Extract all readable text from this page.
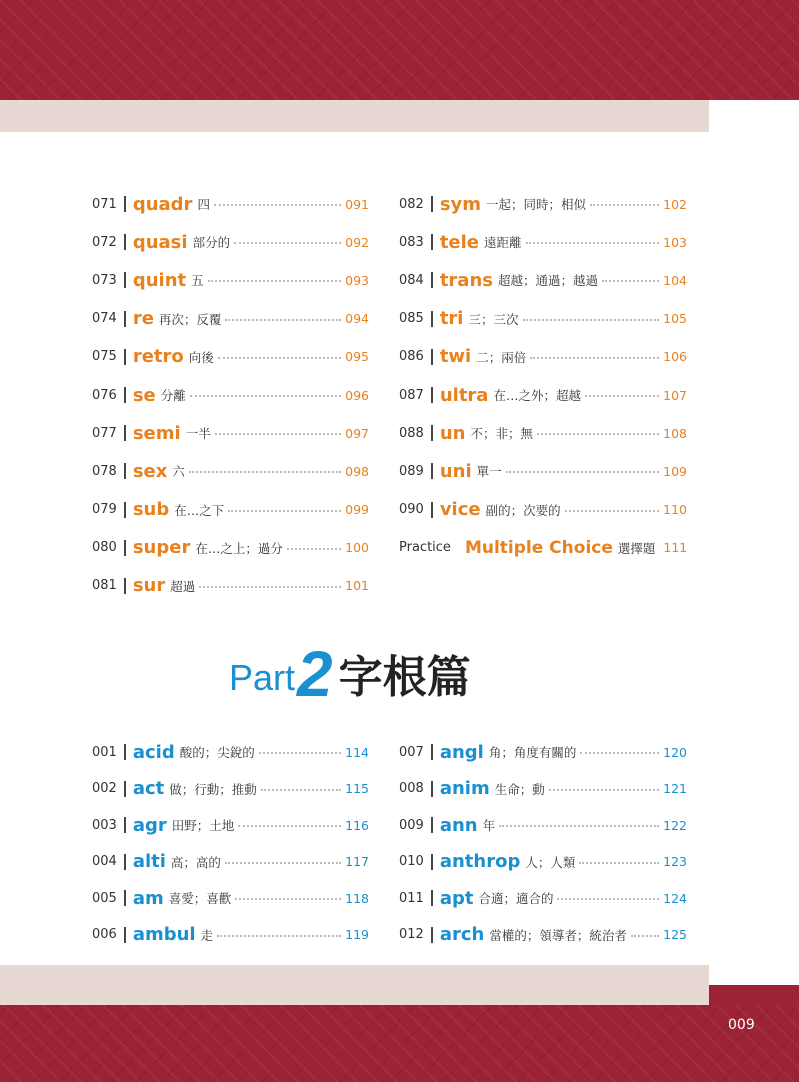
071 quadr 四	091
072 quasi 部分的	092
073 quint 五	093
074 re 再次；反覆	094
075 retro 向後	095
076 se 分離	096
077 semi 一半	097
078 sex 六	098
079 sub 在…之下	099
080 super 在…之上；過分	100
081 sur 超過	101
082 sym 一起；同時；相似	102
083 tele 遠距離	103
084 trans 超越；通過；越過	104
085 tri 三；三次	105
086 twi 二；兩倍	106
087 ultra 在…之外；超越	107
088 un 不；非；無	108
089 uni 單一	109
090 vice 副的；次要的	110
Practice Multiple Choice 選擇題 111
Part 2 字根篇
001 acid 酸的；尖銳的	114
002 act 做；行動；推動	115
003 agr 田野；土地	116
004 alti 高；高的	117
005 am 喜愛；喜歡	118
006 ambul 走	119
007 angl 角；角度有關的	120
008 anim 生命；動	121
009 ann 年	122
010 anthrop 人；人類	123
011 apt 合適；適合的	124
012 arch 當權的；領導者；統治者	125
009
